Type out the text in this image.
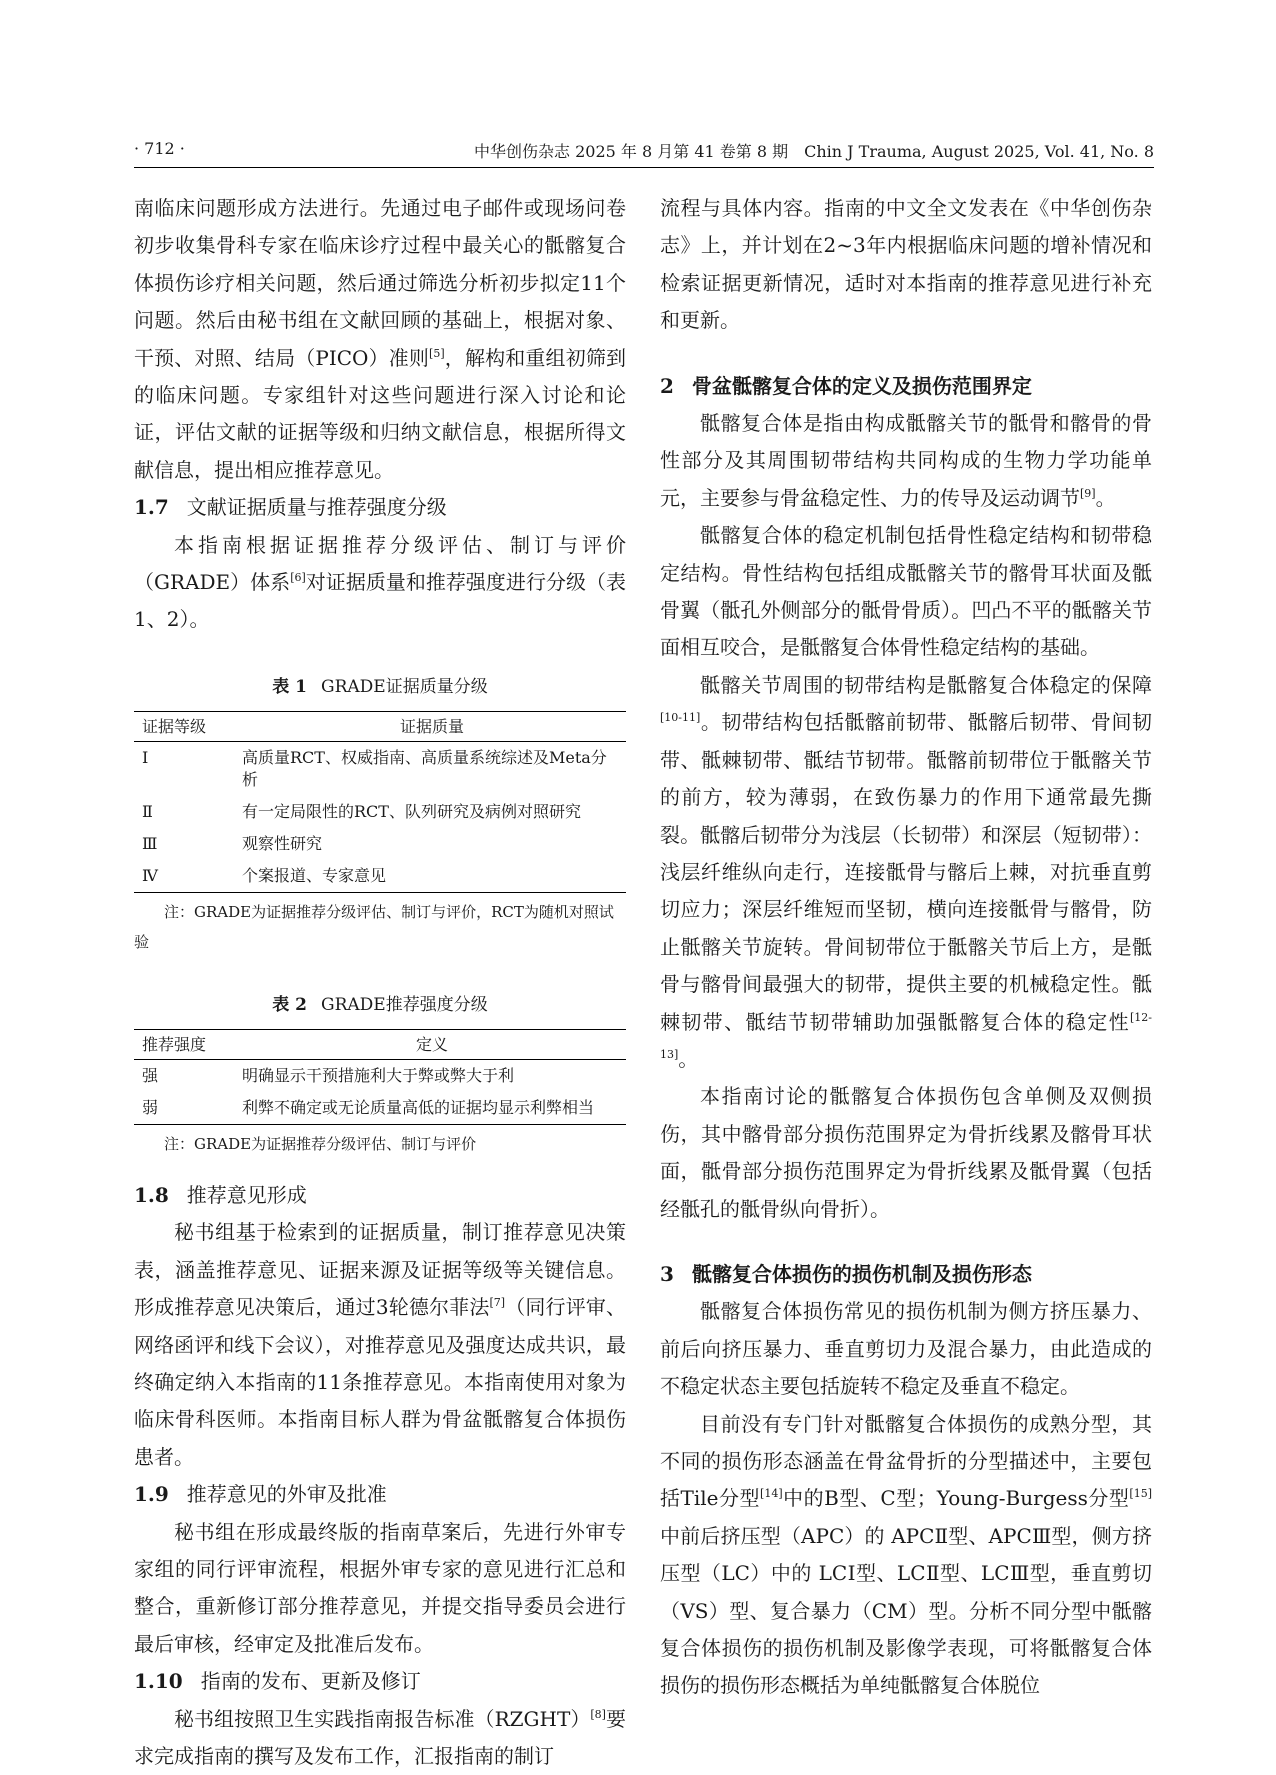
· 712 ·	中华创伤杂志 2025 年 8 月第 41 卷第 8 期　Chin J Trauma, August 2025, Vol. 41, No. 8

南临床问题形成方法进行。先通过电子邮件或现场问卷初步收集骨科专家在临床诊疗过程中最关心的骶髂复合体损伤诊疗相关问题，然后通过筛选分析初步拟定11个问题。然后由秘书组在文献回顾的基础上，根据对象、干预、对照、结局（PICO）准则[5]，解构和重组初筛到的临床问题。专家组针对这些问题进行深入讨论和论证，评估文献的证据等级和归纳文献信息，根据所得文献信息，提出相应推荐意见。

1.7 文献证据质量与推荐强度分级

本指南根据证据推荐分级评估、制订与评价（GRADE）体系[6]对证据质量和推荐强度进行分级（表 1、2）。

表 1 GRADE证据质量分级
证据等级	证据质量
Ⅰ	高质量RCT、权威指南、高质量系统综述及Meta分析
Ⅱ	有一定局限性的RCT、队列研究及病例对照研究
Ⅲ	观察性研究
Ⅳ	个案报道、专家意见

注：GRADE为证据推荐分级评估、制订与评价，RCT为随机对照试验

表 2 GRADE推荐强度分级
推荐强度	定义
强	明确显示干预措施利大于弊或弊大于利
弱	利弊不确定或无论质量高低的证据均显示利弊相当

注：GRADE为证据推荐分级评估、制订与评价

1.8 推荐意见形成

秘书组基于检索到的证据质量，制订推荐意见决策表，涵盖推荐意见、证据来源及证据等级等关键信息。形成推荐意见决策后，通过3轮德尔菲法[7]（同行评审、网络函评和线下会议），对推荐意见及强度达成共识，最终确定纳入本指南的11条推荐意见。本指南使用对象为临床骨科医师。本指南目标人群为骨盆骶髂复合体损伤患者。

1.9 推荐意见的外审及批准

秘书组在形成最终版的指南草案后，先进行外审专家组的同行评审流程，根据外审专家的意见进行汇总和整合，重新修订部分推荐意见，并提交指导委员会进行最后审核，经审定及批准后发布。

1.10 指南的发布、更新及修订

秘书组按照卫生实践指南报告标准（RZGHT）[8]要求完成指南的撰写及发布工作，汇报指南的制订

流程与具体内容。指南的中文全文发表在《中华创伤杂志》上，并计划在2~3年内根据临床问题的增补情况和检索证据更新情况，适时对本指南的推荐意见进行补充和更新。

2 骨盆骶髂复合体的定义及损伤范围界定

骶髂复合体是指由构成骶髂关节的骶骨和髂骨的骨性部分及其周围韧带结构共同构成的生物力学功能单元，主要参与骨盆稳定性、力的传导及运动调节[9]。

骶髂复合体的稳定机制包括骨性稳定结构和韧带稳定结构。骨性结构包括组成骶髂关节的髂骨耳状面及骶骨翼（骶孔外侧部分的骶骨骨质）。凹凸不平的骶髂关节面相互咬合，是骶髂复合体骨性稳定结构的基础。

骶髂关节周围的韧带结构是骶髂复合体稳定的保障[10-11]。韧带结构包括骶髂前韧带、骶髂后韧带、骨间韧带、骶棘韧带、骶结节韧带。骶髂前韧带位于骶髂关节的前方，较为薄弱，在致伤暴力的作用下通常最先撕裂。骶髂后韧带分为浅层（长韧带）和深层（短韧带）：浅层纤维纵向走行，连接骶骨与髂后上棘，对抗垂直剪切应力；深层纤维短而坚韧，横向连接骶骨与髂骨，防止骶髂关节旋转。骨间韧带位于骶髂关节后上方，是骶骨与髂骨间最强大的韧带，提供主要的机械稳定性。骶棘韧带、骶结节韧带辅助加强骶髂复合体的稳定性[12-13]。

本指南讨论的骶髂复合体损伤包含单侧及双侧损伤，其中髂骨部分损伤范围界定为骨折线累及髂骨耳状面，骶骨部分损伤范围界定为骨折线累及骶骨翼（包括经骶孔的骶骨纵向骨折）。

3 骶髂复合体损伤的损伤机制及损伤形态

骶髂复合体损伤常见的损伤机制为侧方挤压暴力、前后向挤压暴力、垂直剪切力及混合暴力，由此造成的不稳定状态主要包括旋转不稳定及垂直不稳定。

目前没有专门针对骶髂复合体损伤的成熟分型，其不同的损伤形态涵盖在骨盆骨折的分型描述中，主要包括Tile分型[14]中的B型、C型；Young-Burgess分型[15]中前后挤压型（APC）的 APCⅡ型、APCⅢ型，侧方挤压型（LC）中的 LCⅠ型、LCⅡ型、LCⅢ型，垂直剪切（VS）型、复合暴力（CM）型。分析不同分型中骶髂复合体损伤的损伤机制及影像学表现，可将骶髂复合体损伤的损伤形态概括为单纯骶髂复合体脱位
